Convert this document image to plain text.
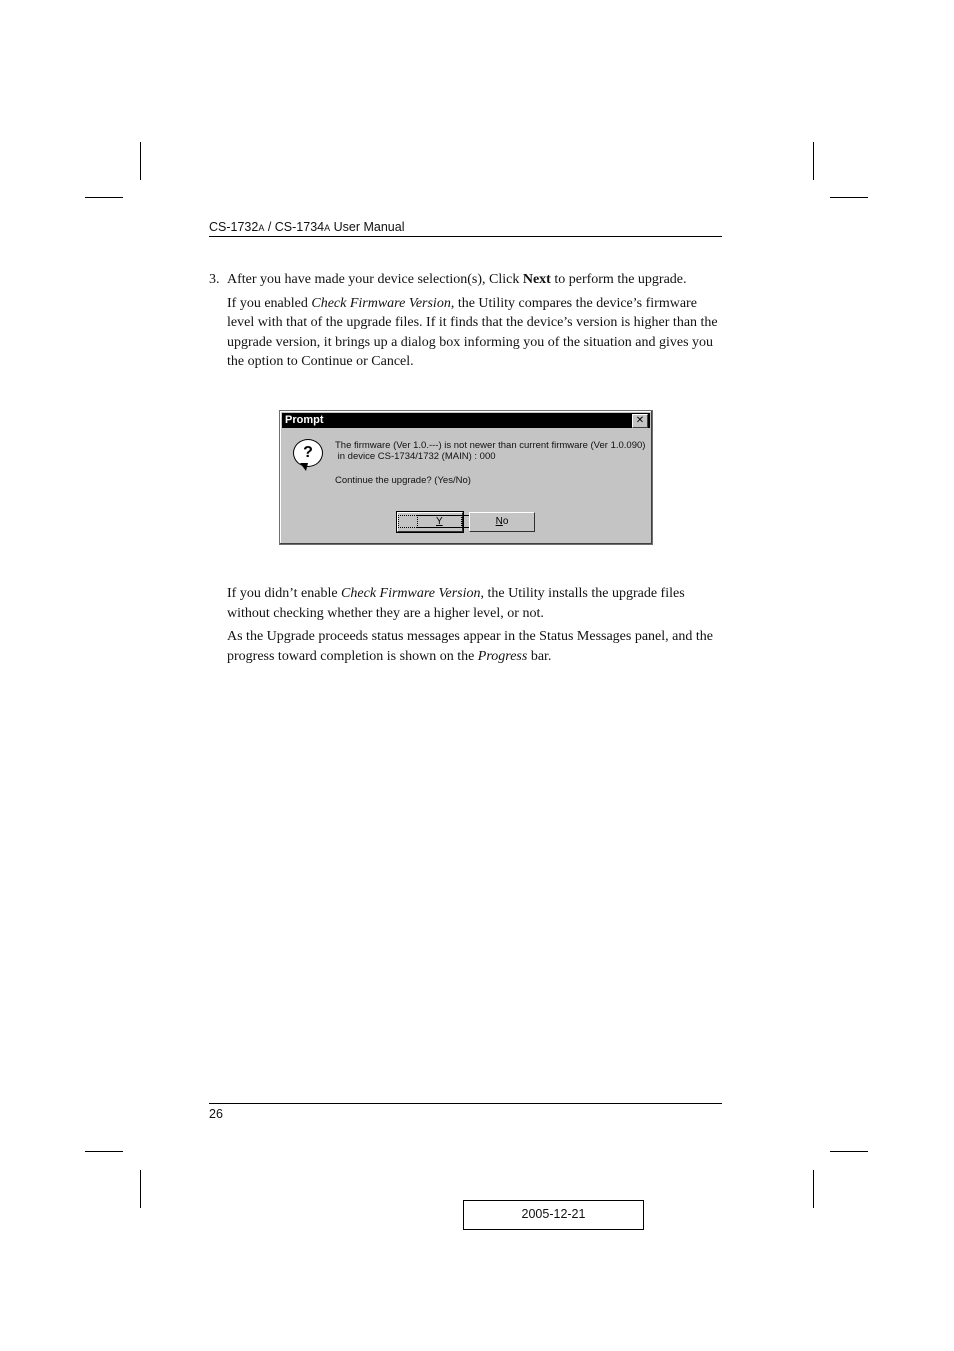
CS-1732A / CS-1734A User Manual
3. After you have made your device selection(s), Click Next to perform the upgrade.

If you enabled Check Firmware Version, the Utility compares the device’s firmware level with that of the upgrade files. If it finds that the device’s version is higher than the upgrade version, it brings up a dialog box informing you of the situation and gives you the option to Continue or Cancel.

Prompt	✕
?	The firmware (Ver 1.0.---) is not newer than current firmware (Ver 1.0.090)
in device CS-1734/1732 (MAIN) : 000
Continue the upgrade? (Yes/No)
Y	No

If you didn’t enable Check Firmware Version, the Utility installs the upgrade files without checking whether they are a higher level, or not.

As the Upgrade proceeds status messages appear in the Status Messages panel, and the progress toward completion is shown on the Progress bar.

26
2005-12-21
